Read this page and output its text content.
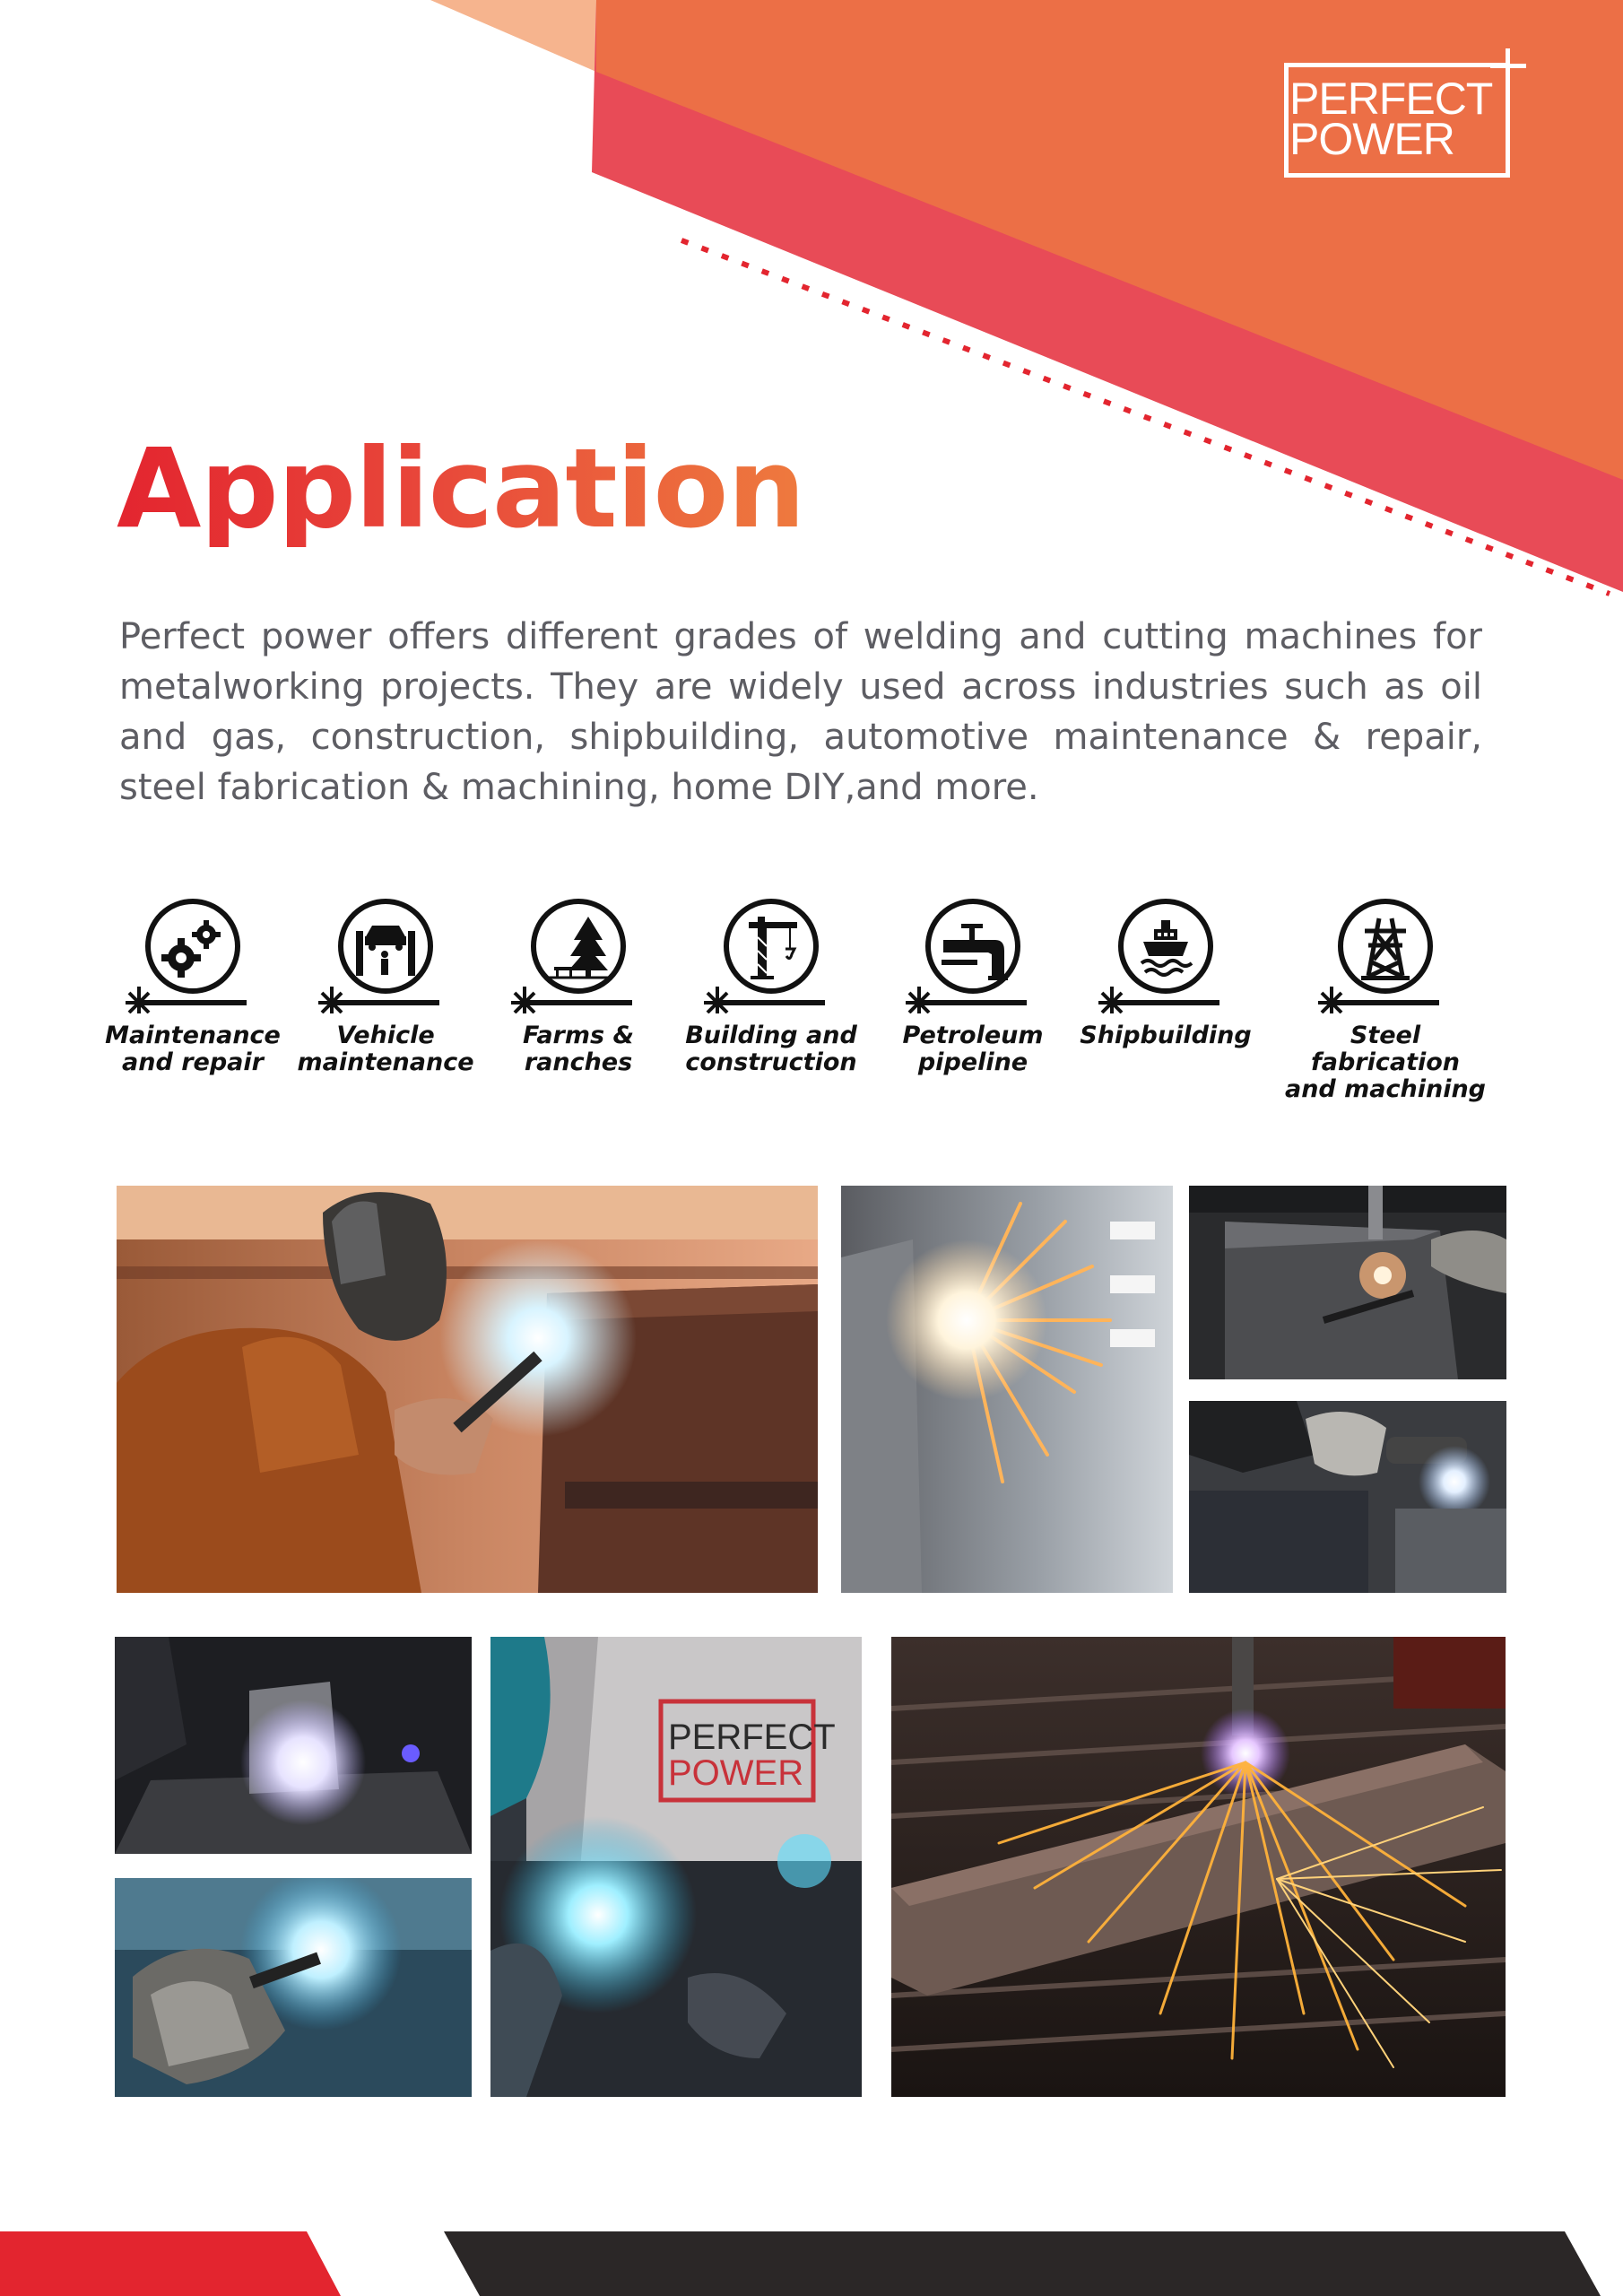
PERFECT
POWER
Application

Perfect power offers different grades of welding and cutting machines for metalworking projects. They are widely used across industries such as oil and gas, construction, shipbuilding, automotive maintenance & repair, steel fabrication & machining, home DIY,and more.

Maintenance
and repair
Vehicle
maintenance
Farms &
ranches
Building and
construction
Petroleum
pipeline
Shipbuilding	Steel fabrication
and machining
PERFECT
POWER
